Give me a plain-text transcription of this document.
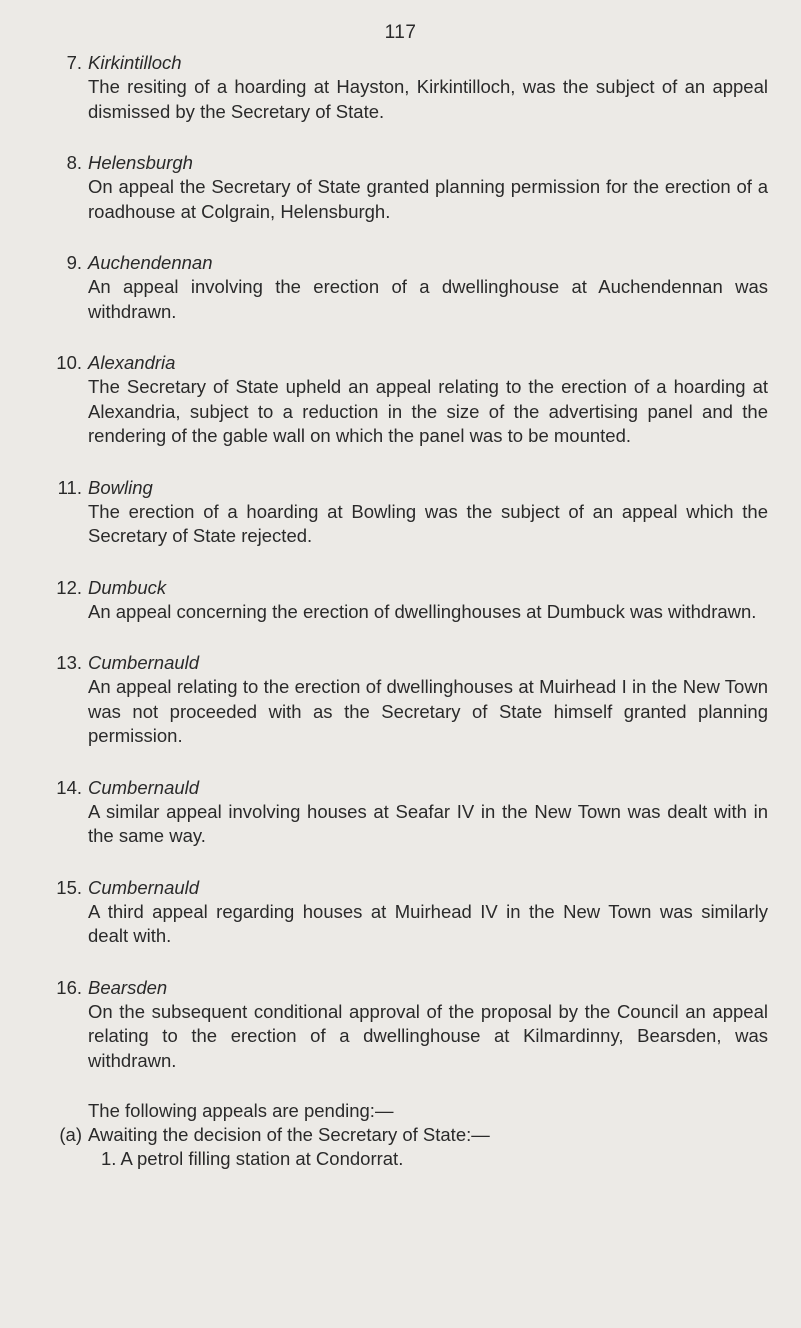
117
7. Kirkintilloch
The resiting of a hoarding at Hayston, Kirkintilloch, was the subject of an appeal dismissed by the Secretary of State.
8. Helensburgh
On appeal the Secretary of State granted planning permission for the erection of a roadhouse at Colgrain, Helensburgh.
9. Auchendennan
An appeal involving the erection of a dwellinghouse at Auchendennan was withdrawn.
10. Alexandria
The Secretary of State upheld an appeal relating to the erection of a hoarding at Alexandria, subject to a reduction in the size of the advertising panel and the rendering of the gable wall on which the panel was to be mounted.
11. Bowling
The erection of a hoarding at Bowling was the subject of an appeal which the Secretary of State rejected.
12. Dumbuck
An appeal concerning the erection of dwellinghouses at Dumbuck was withdrawn.
13. Cumbernauld
An appeal relating to the erection of dwellinghouses at Muirhead I in the New Town was not proceeded with as the Secretary of State himself granted planning permission.
14. Cumbernauld
A similar appeal involving houses at Seafar IV in the New Town was dealt with in the same way.
15. Cumbernauld
A third appeal regarding houses at Muirhead IV in the New Town was similarly dealt with.
16. Bearsden
On the subsequent conditional approval of the proposal by the Council an appeal relating to the erection of a dwellinghouse at Kilmardinny, Bearsden, was withdrawn.
The following appeals are pending:—
(a) Awaiting the decision of the Secretary of State:—
1. A petrol filling station at Condorrat.
